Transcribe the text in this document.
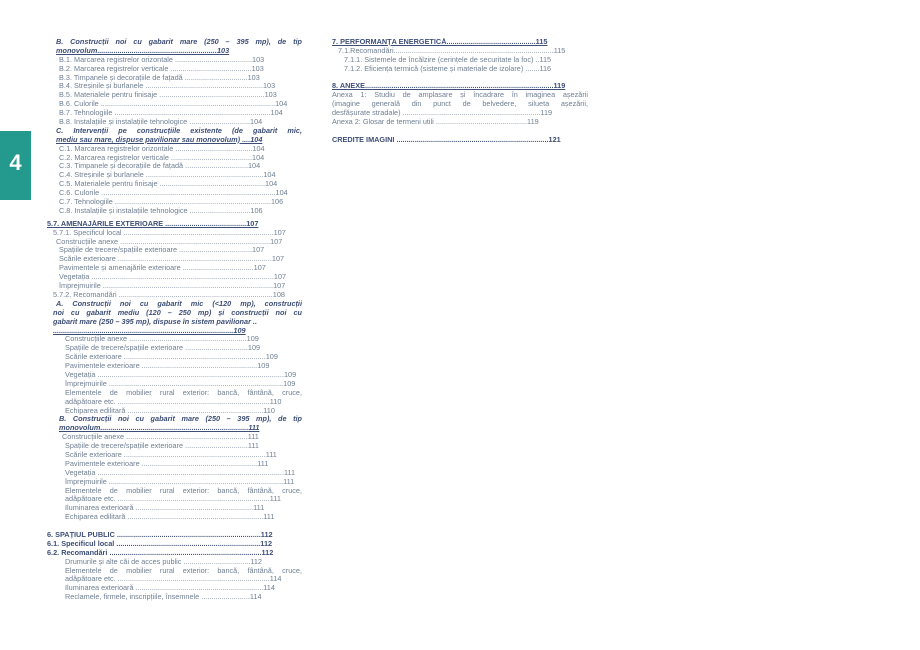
4
B. Construcții noi cu gabarit mare (250 – 395 mp), de tip
monovolum...........................................................103
B.1. Marcarea registrelor orizontale ......................................103
B.2. Marcarea registrelor verticale ........................................103
B.3. Timpanele și decorațiile de fațadă ...............................103
B.4. Streșinile și burlanele ..........................................................103
B.5. Materialele pentru finisaje ....................................................103
B.6. Culorile ......................................................................................104
B.7. Tehnologiile .............................................................................104
B.8. Instalațiile și instalațiile tehnologice ..............................104
C. Intervenții pe construcțiile existente (de gabarit mic,
mediu sau mare, dispuse pavilionar sau monovolum) ....104
C.1. Marcarea registrelor orizontale ......................................104
C.2. Marcarea registrelor verticale ........................................104
C.3. Timpanele și decorațiile de fațadă ...............................104
C.4. Streșinile și burlanele ..........................................................104
C.5. Materialele pentru finisaje ....................................................104
C.6. Culorile ......................................................................................104
C.7. Tehnologiile .............................................................................106
C.8. Instalațiile și instalațiile tehnologice ..............................106
5.7. AMENAJĂRILE EXTERIOARE ........................................107
5.7.1. Specificul local ..........................................................................107
Construcțiile anexe ..........................................................................107
Spațiile de trecere/spațiile exterioare ....................................107
Scările exterioare ............................................................................107
Pavimentele și amenajările exterioare ...................................107
Vegetația ..........................................................................................107
Împrejmuirile ....................................................................................107
5.7.2. Recomandări ............................................................................108
A. Construcții noi cu gabarit mic (<120 mp), construcții
noi cu gabarit mediu (120 – 250 mp) și construcții noi cu
gabarit mare (250 – 395 mp), dispuse în sistem pavilionar ..
.........................................................................................109
Construcțiile anexe ..........................................................109
Spațiile de trecere/spațiile exterioare ...............................109
Scările exterioare ......................................................................109
Pavimentele exterioare .........................................................109
Vegetația ............................................................................................109
Împrejmuirile ......................................................................................109
Elementele de mobilier rural exterior: bancă, fântână, cruce,
adăpătoare etc. ...........................................................................110
Echiparea edilitară ...................................................................110
B. Construcții noi cu gabarit mare (250 – 395 mp), de tip
monovolum.........................................................................111
Construcțiile anexe ............................................................111
Spațiile de trecere/spațiile exterioare ...............................111
Scările exterioare ......................................................................111
Pavimentele exterioare .........................................................111
Vegetația ............................................................................................111
Împrejmuirile ......................................................................................111
Elementele de mobilier rural exterior: bancă, fântână, cruce,
adăpătoare etc. ...........................................................................111
Iluminarea exterioară ..........................................................111
Echiparea edilitară ...................................................................111
6. SPAȚIUL PUBLIC .......................................................................112
6.1. Specificul local .......................................................................112
6.2. Recomandări ...........................................................................112
Drumurile și alte căi de acces public .................................112
Elementele de mobilier rural exterior: bancă, fântână, cruce,
adăpătoare etc. ...........................................................................114
Iluminarea exterioară ...............................................................114
Reclamele, firmele, inscripțiile, însemnele ........................114
7. PERFORMANȚA ENERGETICĂ............................................115
7.1.Recomandări...............................................................................115
7.1.1. Sistemele de încălzire (cerințele de securitate la foc) ..115
7.1.2. Eficiența termică (sisteme și materiale de izolare) .......116
8. ANEXE.............................................................................................119
Anexa 1: Studiu de amplasare și încadrare în imaginea așezării
(imagine generală din punct de belvedere, silueta așezării,
desfășurate stradale) ....................................................................119
Anexa 2: Glosar de termeni utili .............................................119
CREDITE IMAGINI ...........................................................................121
